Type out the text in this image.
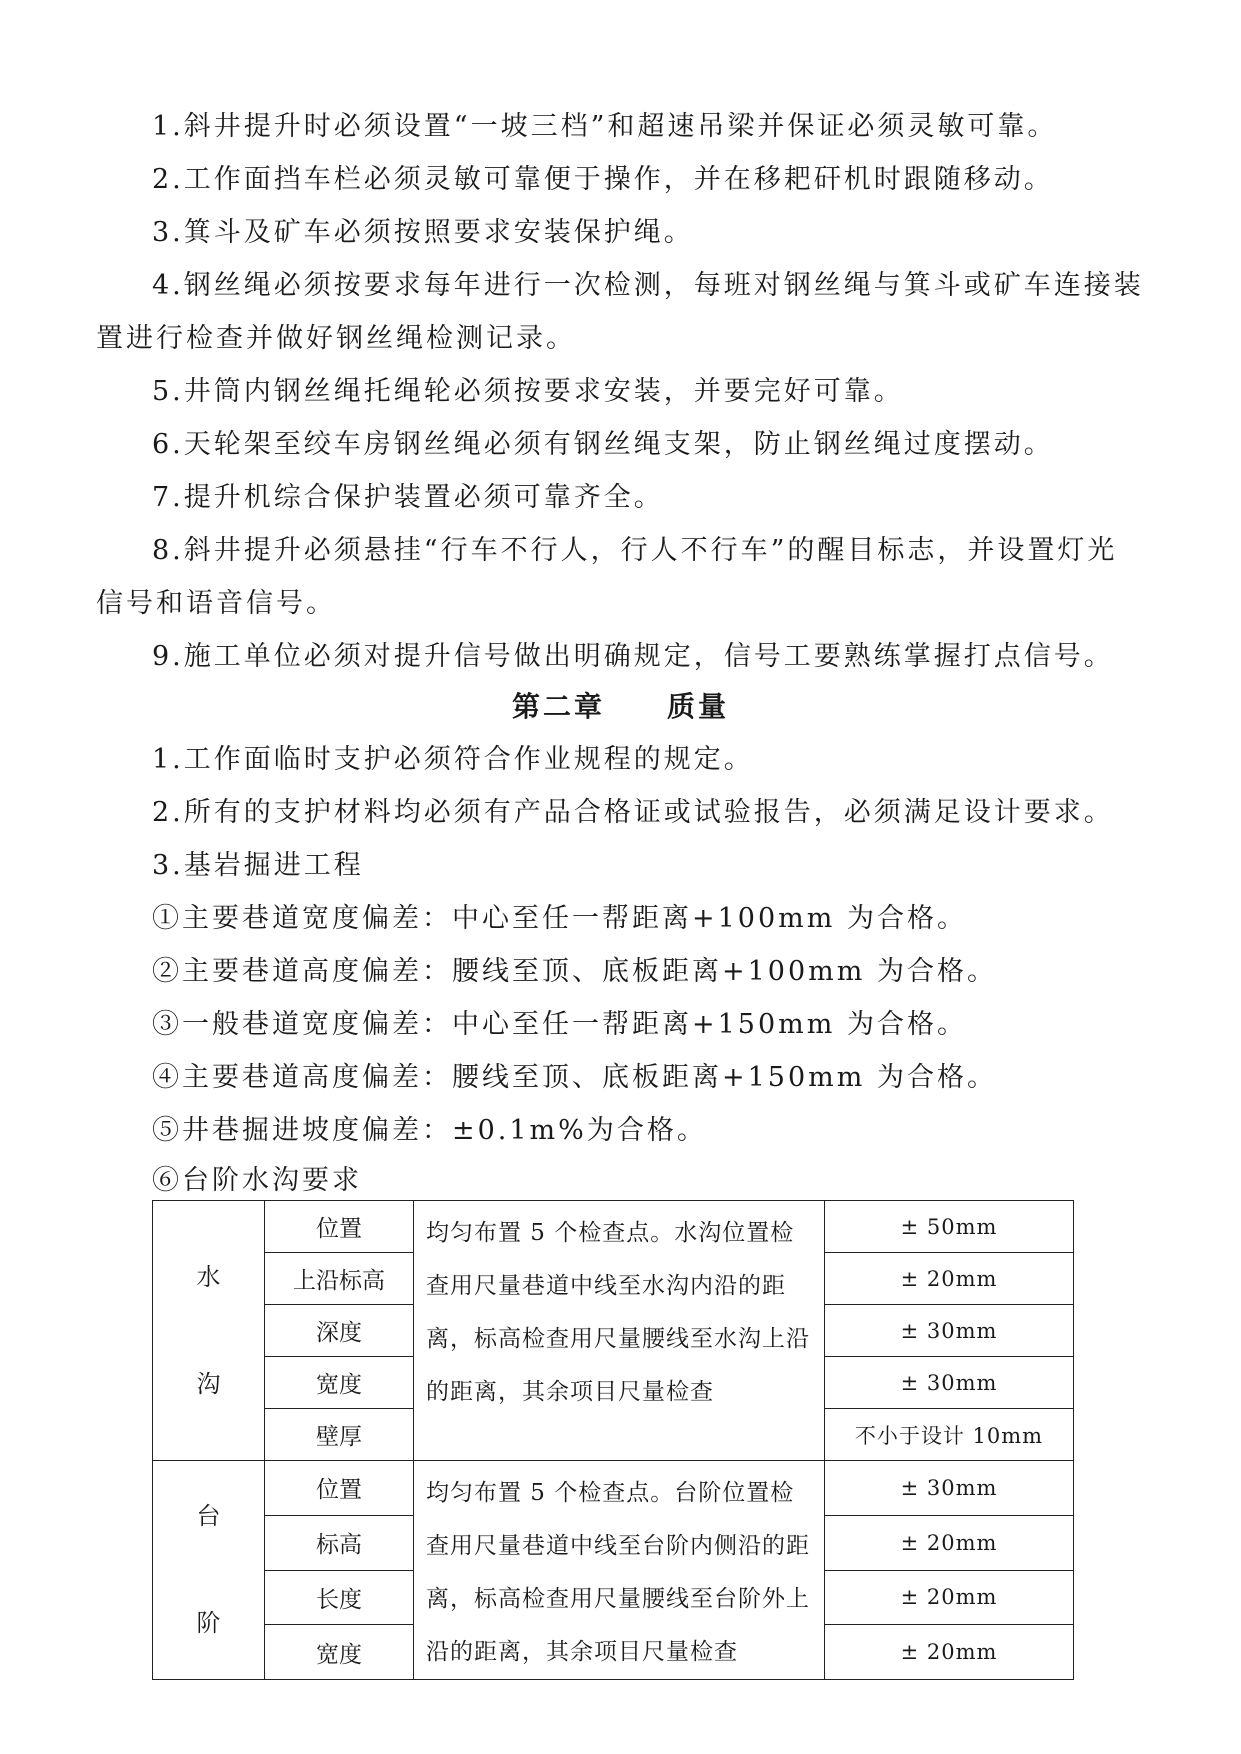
1.斜井提升时必须设置“一坡三档”和超速吊梁并保证必须灵敏可靠。
2.工作面挡车栏必须灵敏可靠便于操作，并在移耙矸机时跟随移动。
3.箕斗及矿车必须按照要求安装保护绳。
4.钢丝绳必须按要求每年进行一次检测，每班对钢丝绳与箕斗或矿车连接装
置进行检查并做好钢丝绳检测记录。
5.井筒内钢丝绳托绳轮必须按要求安装，并要完好可靠。
6.天轮架至绞车房钢丝绳必须有钢丝绳支架，防止钢丝绳过度摆动。
7.提升机综合保护装置必须可靠齐全。
8.斜井提升必须悬挂“行车不行人，行人不行车”的醒目标志，并设置灯光
信号和语音信号。
9.施工单位必须对提升信号做出明确规定，信号工要熟练掌握打点信号。
第二章　　质量
1.工作面临时支护必须符合作业规程的规定。
2.所有的支护材料均必须有产品合格证或试验报告，必须满足设计要求。
3.基岩掘进工程
①主要巷道宽度偏差：中心至任一帮距离+100mm 为合格。
②主要巷道高度偏差：腰线至顶、底板距离+100mm 为合格。
③一般巷道宽度偏差：中心至任一帮距离+150mm 为合格。
④主要巷道高度偏差：腰线至顶、底板距离+150mm 为合格。
⑤井巷掘进坡度偏差：±0.1m%为合格。
⑥台阶水沟要求
水
沟	位置	均匀布置 5 个检查点。水沟位置检查用尺量巷道中线至水沟内沿的距离，标高检查用尺量腰线至水沟上沿的距离，其余项目尺量检查	± 50mm
	上沿标高		± 20mm
	深度		± 30mm
	宽度		± 30mm
	壁厚		不小于设计 10mm
台
阶	位置	均匀布置 5 个检查点。台阶位置检查用尺量巷道中线至台阶内侧沿的距离，标高检查用尺量腰线至台阶外上沿的距离，其余项目尺量检查	± 30mm
	标高		± 20mm
	长度		± 20mm
	宽度		± 20mm
